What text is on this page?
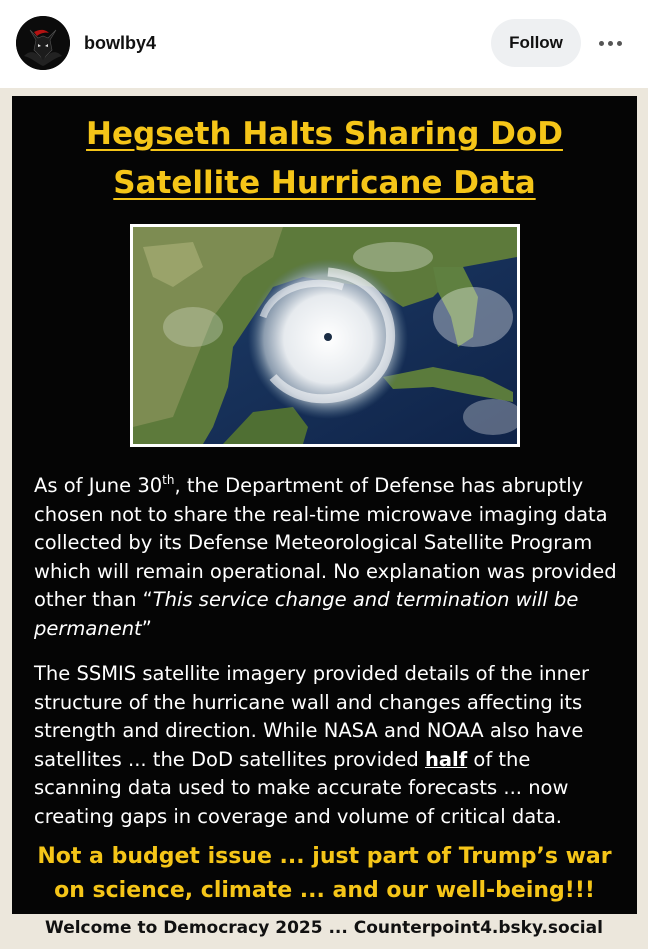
bowlby4	Follow
Hegseth Halts Sharing DoD
Satellite Hurricane Data
As of June 30th, the Department of Defense has abruptly chosen not to share the real-time microwave imaging data collected by its Defense Meteorological Satellite Program which will remain operational. No explanation was provided other than “This service change and termination will be permanent”
The SSMIS satellite imagery provided details of the inner structure of the hurricane wall and changes affecting its strength and direction. While NASA and NOAA also have satellites ... the DoD satellites provided half of the scanning data used to make accurate forecasts ... now creating gaps in coverage and volume of critical data.
Not a budget issue ... just part of Trump’s war
on science, climate ... and our well-being!!!
Welcome to Democracy 2025 ... Counterpoint4.bsky.social
